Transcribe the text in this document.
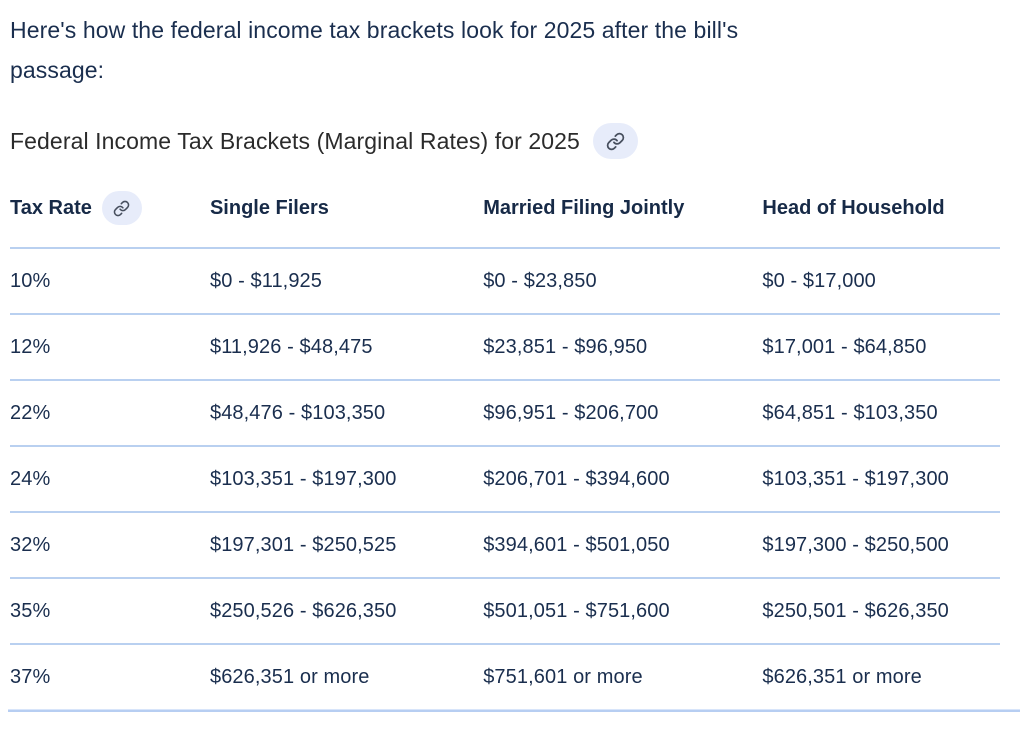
Here's how the federal income tax brackets look for 2025 after the bill's
passage:

Federal Income Tax Brackets (Marginal Rates) for 2025
Tax Rate	Single Filers	Married Filing Jointly	Head of Household
10%	$0 - $11,925	$0 - $23,850	$0 - $17,000
12%	$11,926 - $48,475	$23,851 - $96,950	$17,001 - $64,850
22%	$48,476 - $103,350	$96,951 - $206,700	$64,851 - $103,350
24%	$103,351 - $197,300	$206,701 - $394,600	$103,351 - $197,300
32%	$197,301 - $250,525	$394,601 - $501,050	$197,300 - $250,500
35%	$250,526 - $626,350	$501,051 - $751,600	$250,501 - $626,350
37%	$626,351 or more	$751,601 or more	$626,351 or more
